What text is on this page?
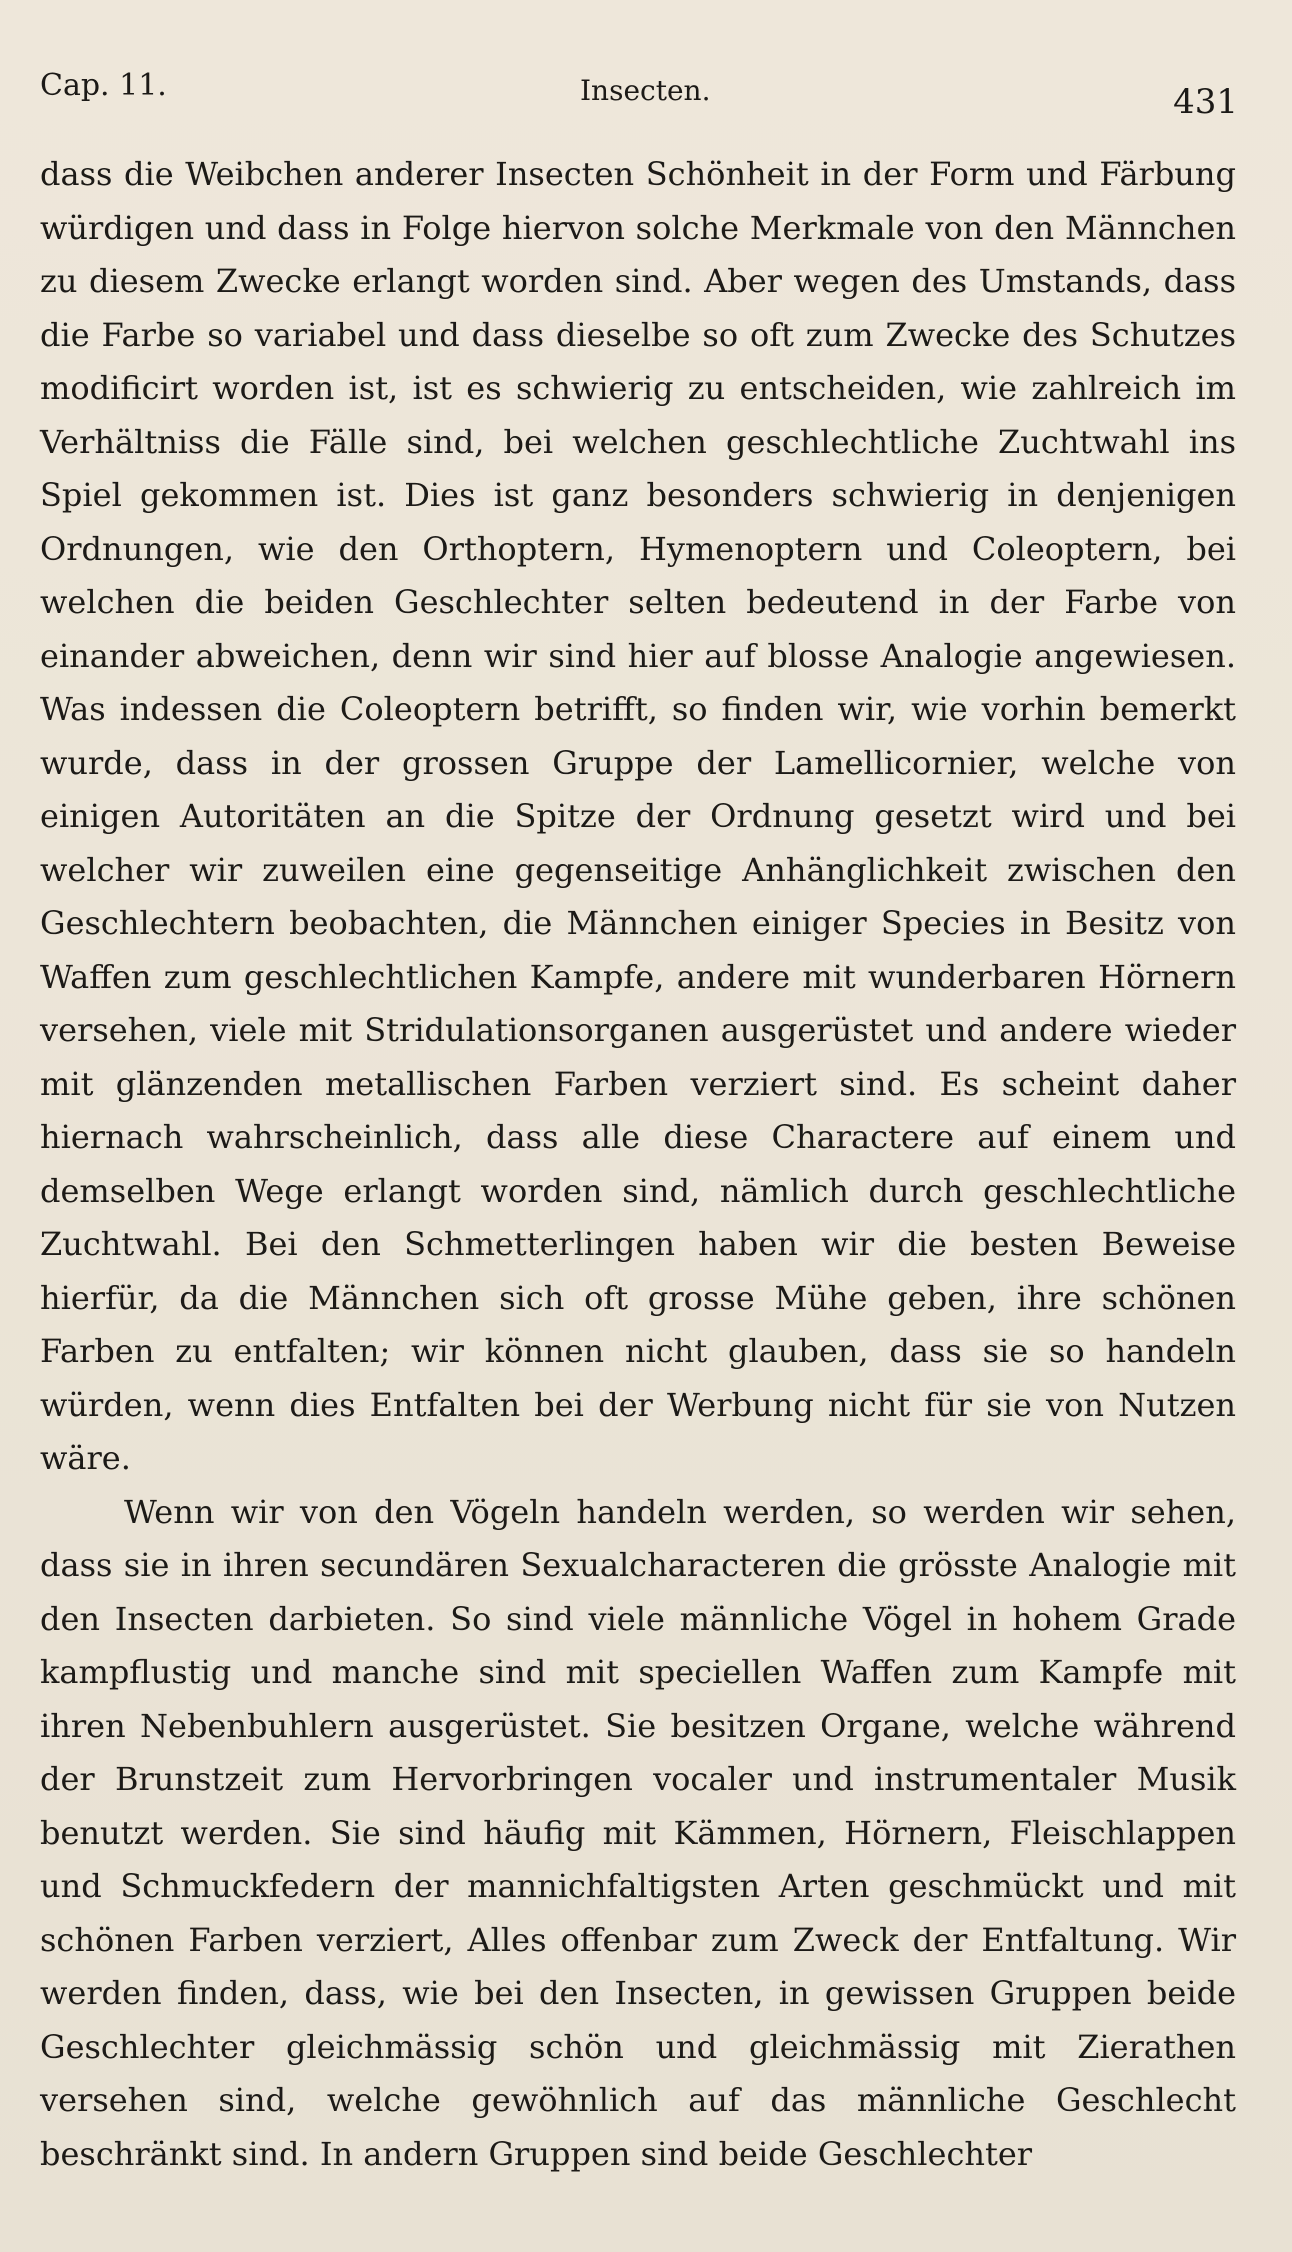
Cap. 11.	Insecten.	431

dass die Weibchen anderer Insecten Schönheit in der Form und Färbung würdigen und dass in Folge hiervon solche Merkmale von den Männchen zu diesem Zwecke erlangt worden sind. Aber wegen des Umstands, dass die Farbe so variabel und dass dieselbe so oft zum Zwecke des Schutzes modificirt worden ist, ist es schwierig zu entscheiden, wie zahlreich im Verhältniss die Fälle sind, bei welchen geschlechtliche Zuchtwahl ins Spiel gekommen ist. Dies ist ganz besonders schwierig in denjenigen Ordnungen, wie den Orthoptern, Hymenoptern und Coleoptern, bei welchen die beiden Geschlechter selten bedeutend in der Farbe von einander abweichen, denn wir sind hier auf blosse Analogie angewiesen. Was indessen die Coleoptern betrifft, so finden wir, wie vorhin bemerkt wurde, dass in der grossen Gruppe der Lamellicornier, welche von einigen Autoritäten an die Spitze der Ordnung gesetzt wird und bei welcher wir zuweilen eine gegenseitige Anhänglichkeit zwischen den Geschlechtern beobachten, die Männchen einiger Species in Besitz von Waffen zum geschlechtlichen Kampfe, andere mit wunderbaren Hörnern versehen, viele mit Stridulationsorganen ausgerüstet und andere wieder mit glänzenden metallischen Farben verziert sind. Es scheint daher hiernach wahrscheinlich, dass alle diese Charactere auf einem und demselben Wege erlangt worden sind, nämlich durch geschlechtliche Zuchtwahl. Bei den Schmetterlingen haben wir die besten Beweise hierfür, da die Männchen sich oft grosse Mühe geben, ihre schönen Farben zu entfalten; wir können nicht glauben, dass sie so handeln würden, wenn dies Entfalten bei der Werbung nicht für sie von Nutzen wäre.

Wenn wir von den Vögeln handeln werden, so werden wir sehen, dass sie in ihren secundären Sexualcharacteren die grösste Analogie mit den Insecten darbieten. So sind viele männliche Vögel in hohem Grade kampflustig und manche sind mit speciellen Waffen zum Kampfe mit ihren Nebenbuhlern ausgerüstet. Sie besitzen Organe, welche während der Brunstzeit zum Hervorbringen vocaler und instrumentaler Musik benutzt werden. Sie sind häufig mit Kämmen, Hörnern, Fleischlappen und Schmuckfedern der mannichfaltigsten Arten geschmückt und mit schönen Farben verziert, Alles offenbar zum Zweck der Entfaltung. Wir werden finden, dass, wie bei den Insecten, in gewissen Gruppen beide Geschlechter gleichmässig schön und gleichmässig mit Zierathen versehen sind, welche gewöhnlich auf das männliche Geschlecht beschränkt sind. In andern Gruppen sind beide Geschlechter
